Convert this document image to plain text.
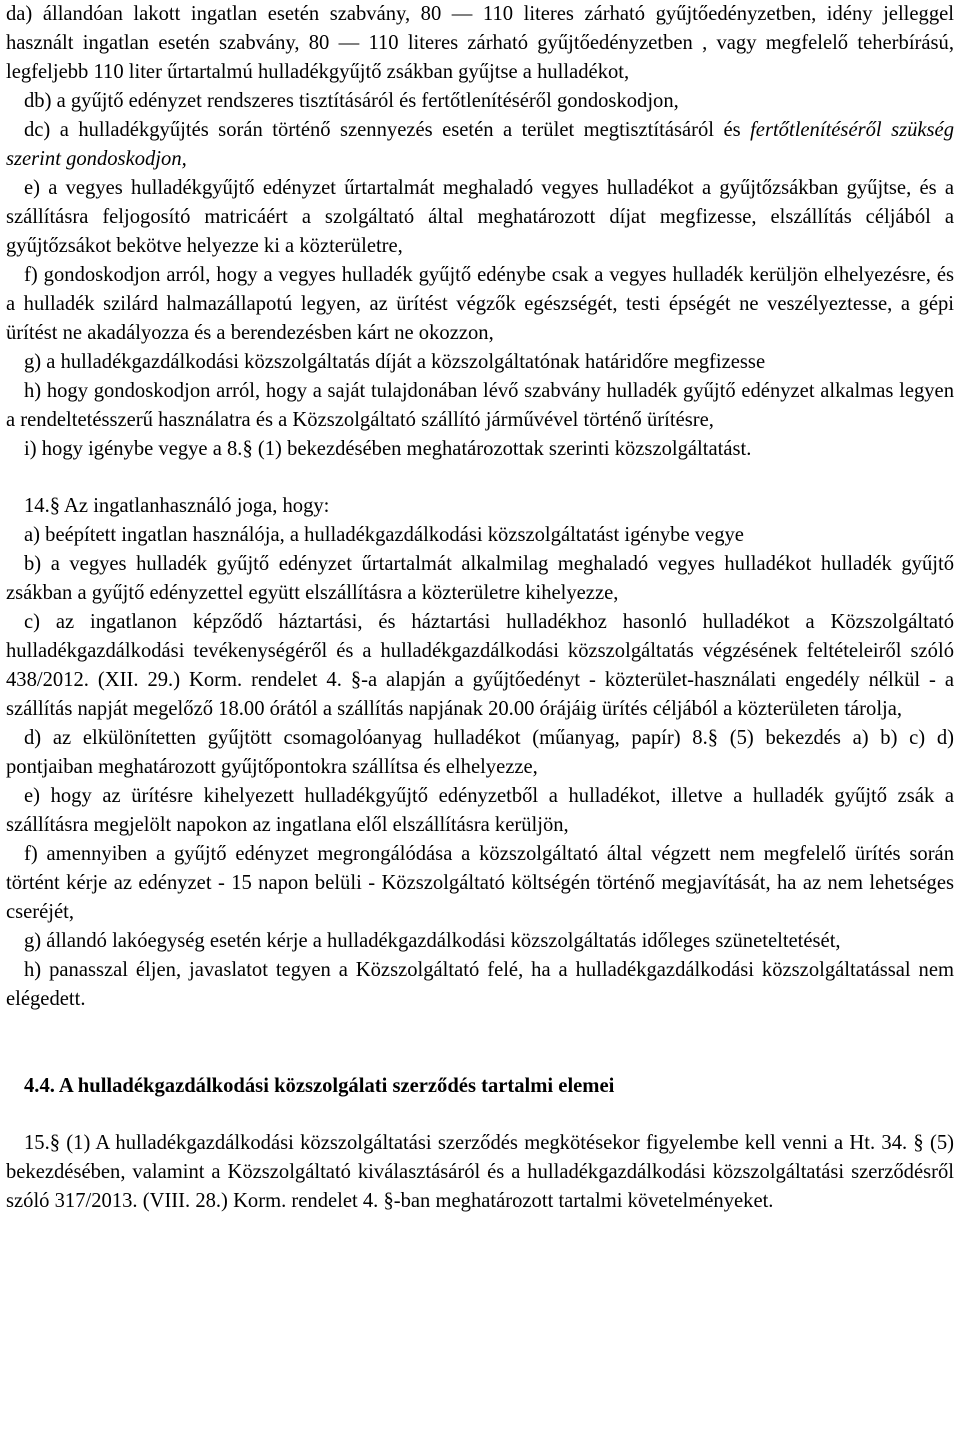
da) állandóan lakott ingatlan esetén szabvány, 80 — 110 literes zárható gyűjtőedényzetben, idény jelleggel használt ingatlan esetén szabvány, 80 — 110 literes zárható gyűjtőedényzetben , vagy megfelelő teherbírású, legfeljebb 110 liter űrtartalmú hulladékgyűjtő zsákban gyűjtse a hulladékot,

db) a gyűjtő edényzet rendszeres tisztításáról és fertőtlenítéséről gondoskodjon,

dc) a hulladékgyűjtés során történő szennyezés esetén a terület megtisztításáról és fertőtlenítéséről szükség szerint gondoskodjon,

e) a vegyes hulladékgyűjtő edényzet űrtartalmát meghaladó vegyes hulladékot a gyűjtőzsákban gyűjtse, és a szállításra feljogosító matricáért a szolgáltató által meghatározott díjat megfizesse, elszállítás céljából a gyűjtőzsákot bekötve helyezze ki a közterületre,

f) gondoskodjon arról, hogy a vegyes hulladék gyűjtő edénybe csak a vegyes hulladék kerüljön elhelyezésre, és a hulladék szilárd halmazállapotú legyen, az ürítést végzők egészségét, testi épségét ne veszélyeztesse, a gépi ürítést ne akadályozza és a berendezésben kárt ne okozzon,

g) a hulladékgazdálkodási közszolgáltatás díját a közszolgáltatónak határidőre megfizesse

h) hogy gondoskodjon arról, hogy a saját tulajdonában lévő szabvány hulladék gyűjtő edényzet alkalmas legyen a rendeltetésszerű használatra és a Közszolgáltató szállító járművével történő ürítésre,

i) hogy igénybe vegye a 8.§ (1) bekezdésében meghatározottak szerinti közszolgáltatást.

14.§ Az ingatlanhasználó joga, hogy:

a) beépített ingatlan használója, a hulladékgazdálkodási közszolgáltatást igénybe vegye

b) a vegyes hulladék gyűjtő edényzet űrtartalmát alkalmilag meghaladó vegyes hulladékot hulladék gyűjtő zsákban a gyűjtő edényzettel együtt elszállításra a közterületre kihelyezze,

c) az ingatlanon képződő háztartási, és háztartási hulladékhoz hasonló hulladékot a Közszolgáltató hulladékgazdálkodási tevékenységéről és a hulladékgazdálkodási közszolgáltatás végzésének feltételeiről szóló 438/2012. (XII. 29.) Korm. rendelet 4. §-a alapján a gyűjtőedényt - közterület-használati engedély nélkül - a szállítás napját megelőző 18.00 órától a szállítás napjának 20.00 órájáig ürítés céljából a közterületen tárolja,

d) az elkülönítetten gyűjtött csomagolóanyag hulladékot (műanyag, papír) 8.§ (5) bekezdés a) b) c) d) pontjaiban meghatározott gyűjtőpontokra szállítsa és elhelyezze,

e) hogy az ürítésre kihelyezett hulladékgyűjtő edényzetből a hulladékot, illetve a hulladék gyűjtő zsák a szállításra megjelölt napokon az ingatlana elől elszállításra kerüljön,

f) amennyiben a gyűjtő edényzet megrongálódása a közszolgáltató által végzett nem megfelelő ürítés során történt kérje az edényzet - 15 napon belüli - Közszolgáltató költségén történő megjavítását, ha az nem lehetséges cseréjét,

g) állandó lakóegység esetén kérje a hulladékgazdálkodási közszolgáltatás időleges szüneteltetését,

h) panasszal éljen, javaslatot tegyen a Közszolgáltató felé, ha a hulladékgazdálkodási közszolgáltatással nem elégedett.

4.4. A hulladékgazdálkodási közszolgálati szerződés tartalmi elemei

15.§ (1) A hulladékgazdálkodási közszolgáltatási szerződés megkötésekor figyelembe kell venni a Ht. 34. § (5) bekezdésében, valamint a Közszolgáltató kiválasztásáról és a hulladékgazdálkodási közszolgáltatási szerződésről szóló 317/2013. (VIII. 28.) Korm. rendelet 4. §-ban meghatározott tartalmi követelményeket.
